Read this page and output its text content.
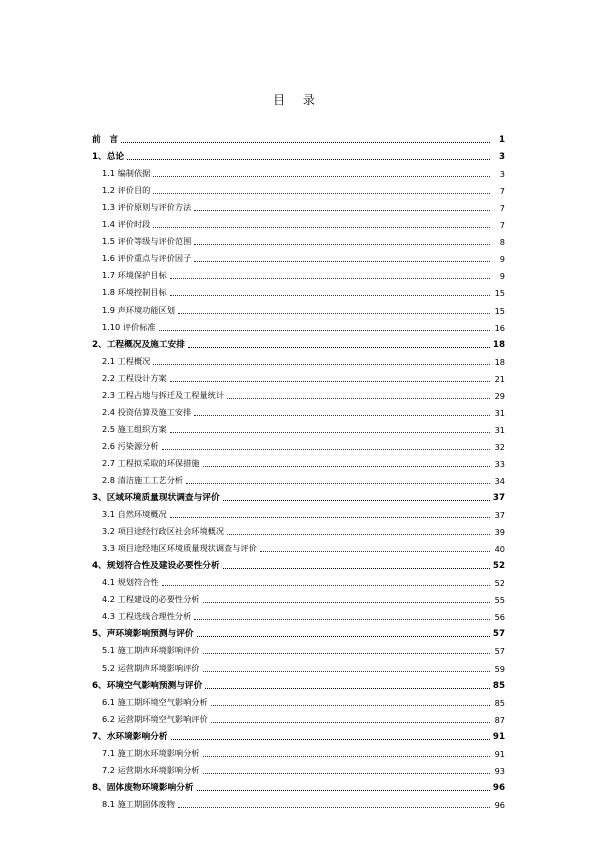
目 录
前　言	1
1、总论	3
1.1 编制依据	3
1.2 评价目的	7
1.3 评价原则与评价方法	7
1.4 评价时段	7
1.5 评价等级与评价范围	8
1.6 评价重点与评价因子	9
1.7 环境保护目标	9
1.8 环境控制目标	15
1.9 声环境功能区划	15
1.10 评价标准	16
2、工程概况及施工安排	18
2.1 工程概况	18
2.2 工程设计方案	21
2.3 工程占地与拆迁及工程量统计	29
2.4 投资估算及施工安排	31
2.5 施工组织方案	31
2.6 污染源分析	32
2.7 工程拟采取的环保措施	33
2.8 清洁施工工艺分析	34
3、区域环境质量现状调查与评价	37
3.1 自然环境概况	37
3.2 项目途经行政区社会环境概况	39
3.3 项目途经地区环境质量现状调查与评价	40
4、规划符合性及建设必要性分析	52
4.1 规划符合性	52
4.2 工程建设的必要性分析	55
4.3 工程选线合理性分析	56
5、声环境影响预测与评价	57
5.1 施工期声环境影响评价	57
5.2 运营期声环境影响评价	59
6、环境空气影响预测与评价	85
6.1 施工期环境空气影响分析	85
6.2 运营期环境空气影响评价	87
7、水环境影响分析	91
7.1 施工期水环境影响分析	91
7.2 运营期水环境影响分析	93
8、固体废物环境影响分析	96
8.1 施工期固体废物	96
